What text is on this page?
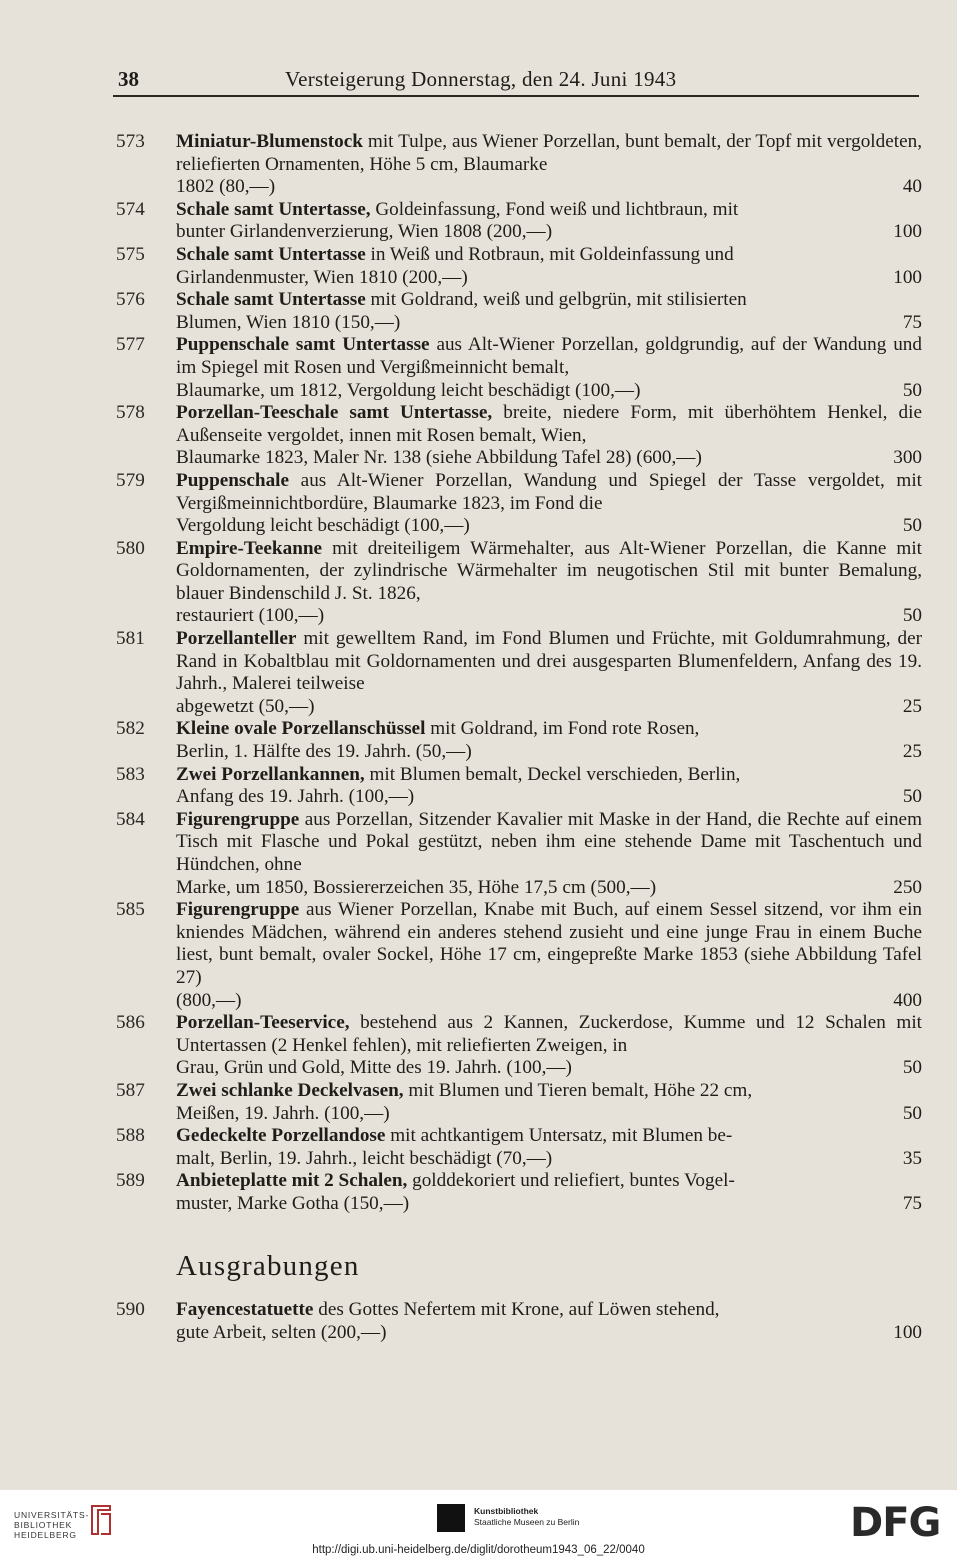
38	Versteigerung Donnerstag, den 24. Juni 1943
573	Miniatur-Blumenstock mit Tulpe, aus Wiener Porzellan, bunt bemalt, der Topf mit vergoldeten, reliefierten Ornamenten, Höhe 5 cm, Blaumarke
1802 (80,—)	40
574	Schale samt Untertasse, Goldeinfassung, Fond weiß und lichtbraun, mit
bunter Girlandenverzierung, Wien 1808 (200,—)	100
575	Schale samt Untertasse in Weiß und Rotbraun, mit Goldeinfassung und
Girlandenmuster, Wien 1810 (200,—)	100
576	Schale samt Untertasse mit Goldrand, weiß und gelbgrün, mit stilisierten
Blumen, Wien 1810 (150,—)	75
577	Puppenschale samt Untertasse aus Alt-Wiener Porzellan, goldgrundig, auf der Wandung und im Spiegel mit Rosen und Vergißmeinnicht bemalt,
Blaumarke, um 1812, Vergoldung leicht beschädigt (100,—)	50
578	Porzellan-Teeschale samt Untertasse, breite, niedere Form, mit überhöhtem Henkel, die Außenseite vergoldet, innen mit Rosen bemalt, Wien,
Blaumarke 1823, Maler Nr. 138 (siehe Abbildung Tafel 28) (600,—)	300
579	Puppenschale aus Alt-Wiener Porzellan, Wandung und Spiegel der Tasse vergoldet, mit Vergißmeinnichtbordüre, Blaumarke 1823, im Fond die
Vergoldung leicht beschädigt (100,—)	50
580	Empire-Teekanne mit dreiteiligem Wärmehalter, aus Alt-Wiener Porzellan, die Kanne mit Goldornamenten, der zylindrische Wärmehalter im neugotischen Stil mit bunter Bemalung, blauer Bindenschild J. St. 1826,
restauriert (100,—)	50
581	Porzellanteller mit gewelltem Rand, im Fond Blumen und Früchte, mit Goldumrahmung, der Rand in Kobaltblau mit Goldornamenten und drei ausgesparten Blumenfeldern, Anfang des 19. Jahrh., Malerei teilweise
abgewetzt (50,—)	25
582	Kleine ovale Porzellanschüssel mit Goldrand, im Fond rote Rosen,
Berlin, 1. Hälfte des 19. Jahrh. (50,—)	25
583	Zwei Porzellankannen, mit Blumen bemalt, Deckel verschieden, Berlin,
Anfang des 19. Jahrh. (100,—)	50
584	Figurengruppe aus Porzellan, Sitzender Kavalier mit Maske in der Hand, die Rechte auf einem Tisch mit Flasche und Pokal gestützt, neben ihm eine stehende Dame mit Taschentuch und Hündchen, ohne
Marke, um 1850, Bossiererzeichen 35, Höhe 17,5 cm (500,—)	250
585	Figurengruppe aus Wiener Porzellan, Knabe mit Buch, auf einem Sessel sitzend, vor ihm ein kniendes Mädchen, während ein anderes stehend zusieht und eine junge Frau in einem Buche liest, bunt bemalt, ovaler Sockel, Höhe 17 cm, eingepreßte Marke 1853 (siehe Abbildung Tafel 27)
(800,—)	400
586	Porzellan-Teeservice, bestehend aus 2 Kannen, Zuckerdose, Kumme und 12 Schalen mit Untertassen (2 Henkel fehlen), mit reliefierten Zweigen, in
Grau, Grün und Gold, Mitte des 19. Jahrh. (100,—)	50
587	Zwei schlanke Deckelvasen, mit Blumen und Tieren bemalt, Höhe 22 cm,
Meißen, 19. Jahrh. (100,—)	50
588	Gedeckelte Porzellandose mit achtkantigem Untersatz, mit Blumen be-
malt, Berlin, 19. Jahrh., leicht beschädigt (70,—)	35
589	Anbieteplatte mit 2 Schalen, golddekoriert und reliefiert, buntes Vogel-
muster, Marke Gotha (150,—)	75
Ausgrabungen
590	Fayencestatuette des Gottes Nefertem mit Krone, auf Löwen stehend,
gute Arbeit, selten (200,—)	100
UNIVERSITÄTS-
BIBLIOTHEK
HEIDELBERG
Kunstbibliothek
Staatliche Museen zu Berlin	DFG
http://digi.ub.uni-heidelberg.de/diglit/dorotheum1943_06_22/0040
